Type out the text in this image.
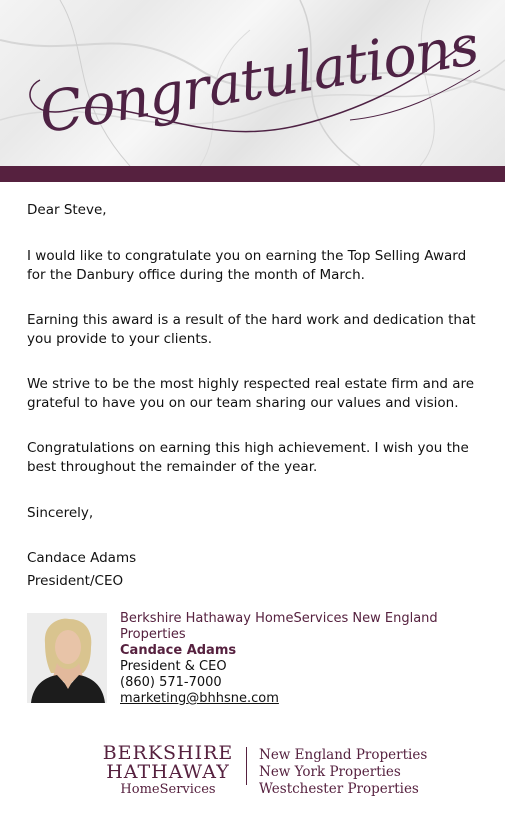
Congratulations

Dear Steve,

I would like to congratulate you on earning the Top Selling Award for the Danbury office during the month of March.

Earning this award is a result of the hard work and dedication that you provide to your clients.

We strive to be the most highly respected real estate firm and are grateful to have you on our team sharing our values and vision.

Congratulations on earning this high achievement. I wish you the best throughout the remainder of the year.

Sincerely,

Candace Adams

President/CEO

Berkshire Hathaway HomeServices New England Properties
Candace Adams
President & CEO
(860) 571-7000
marketing@bhhsne.com
BERKSHIRE
HATHAWAY
HomeServices
New England Properties
New York Properties
Westchester Properties
